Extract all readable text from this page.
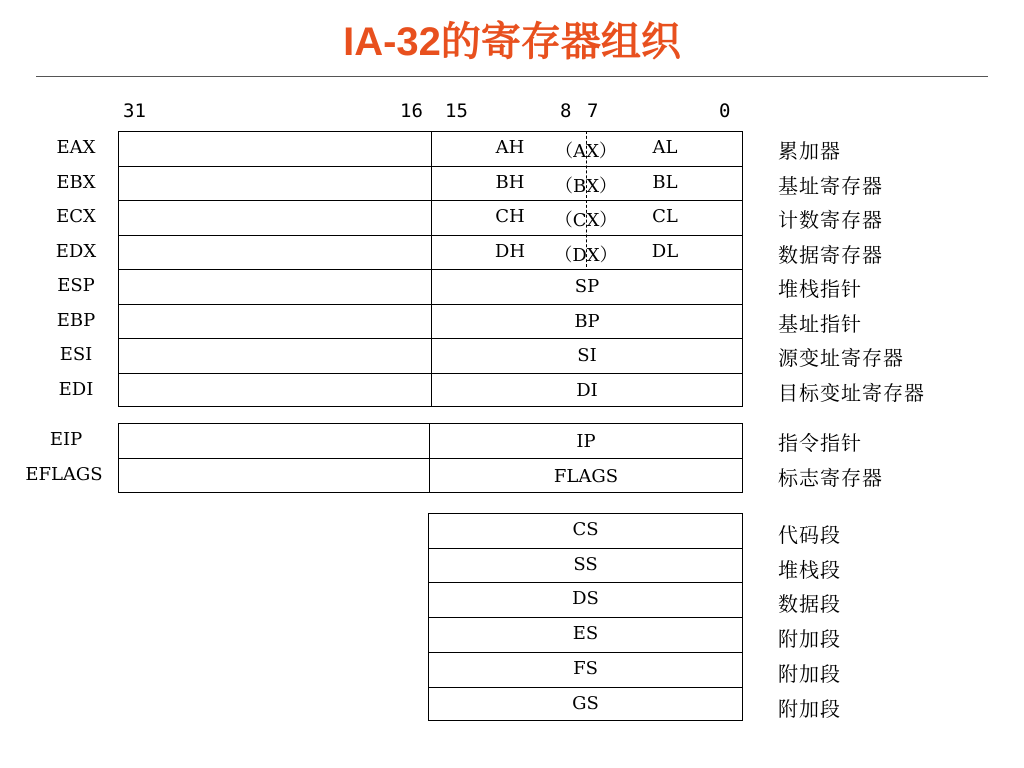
IA-32的寄存器组织
31	16 15	8 7	0
EAX	AH	（AX）	AL	累加器
EBX	BH	（BX）	BL	基址寄存器
ECX	CH	（CX）	CL	计数寄存器
EDX	DH	（DX）	DL	数据寄存器
ESP	SP	堆栈指针
EBP	BP	基址指针
ESI	SI	源变址寄存器
EDI	DI	目标变址寄存器
EIP	IP	指令指针
EFLAGS	FLAGS	标志寄存器
CS	代码段
SS	堆栈段
DS	数据段
ES	附加段
FS	附加段
GS	附加段
